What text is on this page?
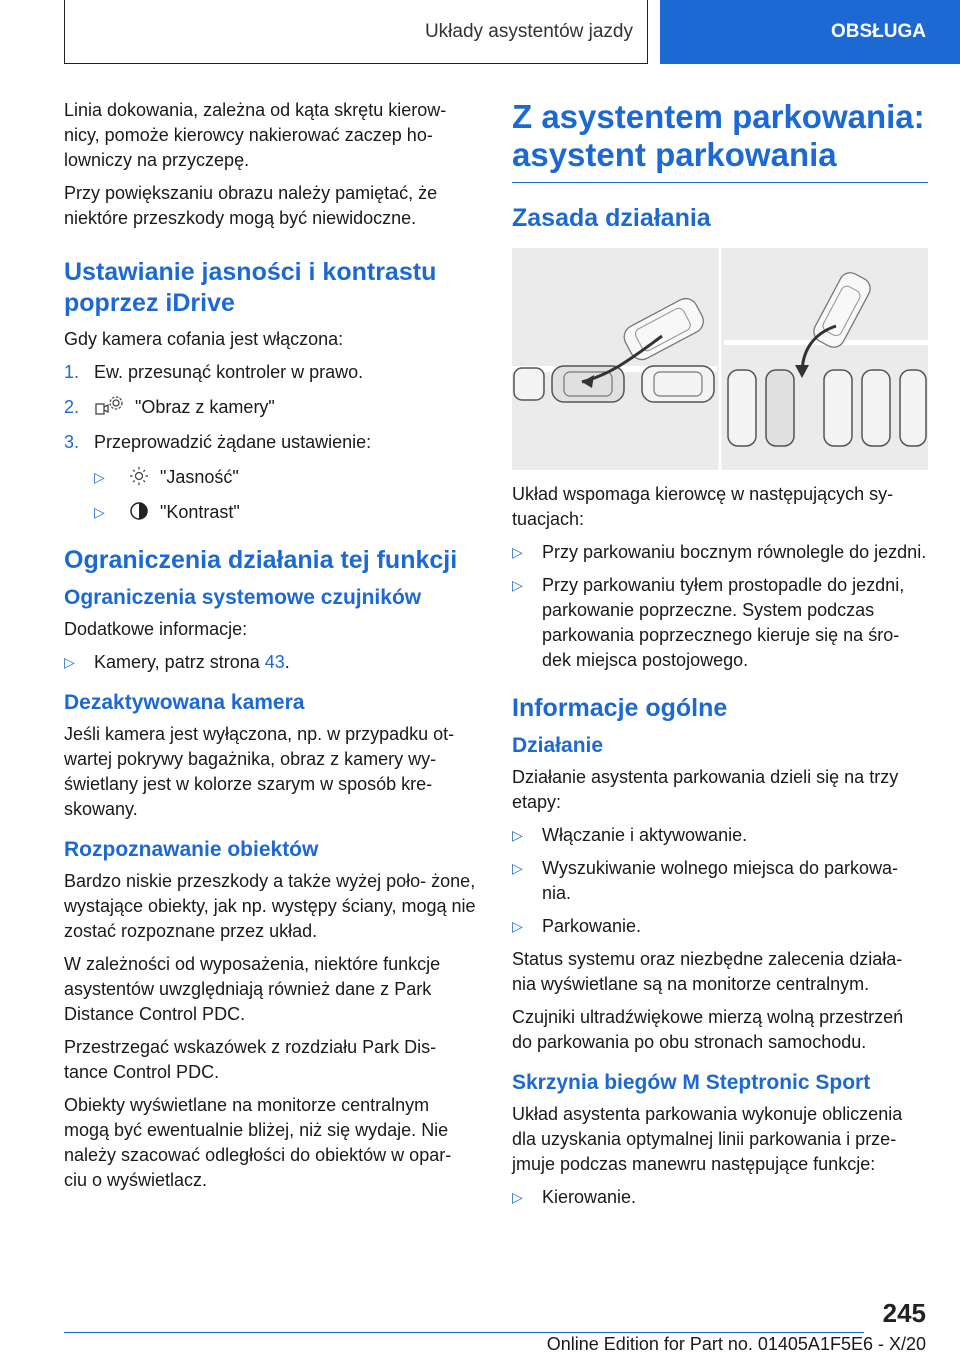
Układy asystentów jazdy	OBSŁUGA

Linia dokowania, zależna od kąta skrętu kierow- nicy, pomoże kierowcy nakierować zaczep ho- lowniczy na przyczepę.

Przy powiększaniu obrazu należy pamiętać, że niektóre przeszkody mogą być niewidoczne.

Ustawianie jasności i kontrastu poprzez iDrive

Gdy kamera cofania jest włączona:

1. Ew. przesunąć kontroler w prawo.
2.	"Obraz z kamery"
3. Przeprowadzić żądane ustawienie:
▷	"Jasność"
▷	"Kontrast"
Ograniczenia działania tej funkcji
Ograniczenia systemowe czujników

Dodatkowe informacje:

▷	Kamery, patrz strona 43.
Dezaktywowana kamera

Jeśli kamera jest wyłączona, np. w przypadku ot- wartej pokrywy bagażnika, obraz z kamery wy- świetlany jest w kolorze szarym w sposób kre- skowany.

Rozpoznawanie obiektów

Bardzo niskie przeszkody a także wyżej poło- żone, wystające obiekty, jak np. występy ściany, mogą nie zostać rozpoznane przez układ.

W zależności od wyposażenia, niektóre funkcje asystentów uwzględniają również dane z Park Distance Control PDC.

Przestrzegać wskazówek z rozdziału Park Dis- tance Control PDC.

Obiekty wyświetlane na monitorze centralnym mogą być ewentualnie bliżej, niż się wydaje. Nie należy szacować odległości do obiektów w opar- ciu o wyświetlacz.

Z asystentem parkowania: asystent parkowania
Zasada działania

Układ wspomaga kierowcę w następujących sy- tuacjach:

▷	Przy parkowaniu bocznym równolegle do jezdni.
▷	Przy parkowaniu tyłem prostopadle do jezdni, parkowanie poprzeczne. System podczas parkowania poprzecznego kieruje się na śro- dek miejsca postojowego.
Informacje ogólne
Działanie

Działanie asystenta parkowania dzieli się na trzy etapy:

▷	Włączanie i aktywowanie.
▷	Wyszukiwanie wolnego miejsca do parkowa- nia.
▷	Parkowanie.

Status systemu oraz niezbędne zalecenia działa- nia wyświetlane są na monitorze centralnym.

Czujniki ultradźwiękowe mierzą wolną przestrzeń do parkowania po obu stronach samochodu.

Skrzynia biegów M Steptronic Sport

Układ asystenta parkowania wykonuje obliczenia dla uzyskania optymalnej linii parkowania i prze- jmuje podczas manewru następujące funkcje:

▷	Kierowanie.
245
Online Edition for Part no. 01405A1F5E6 - X/20
